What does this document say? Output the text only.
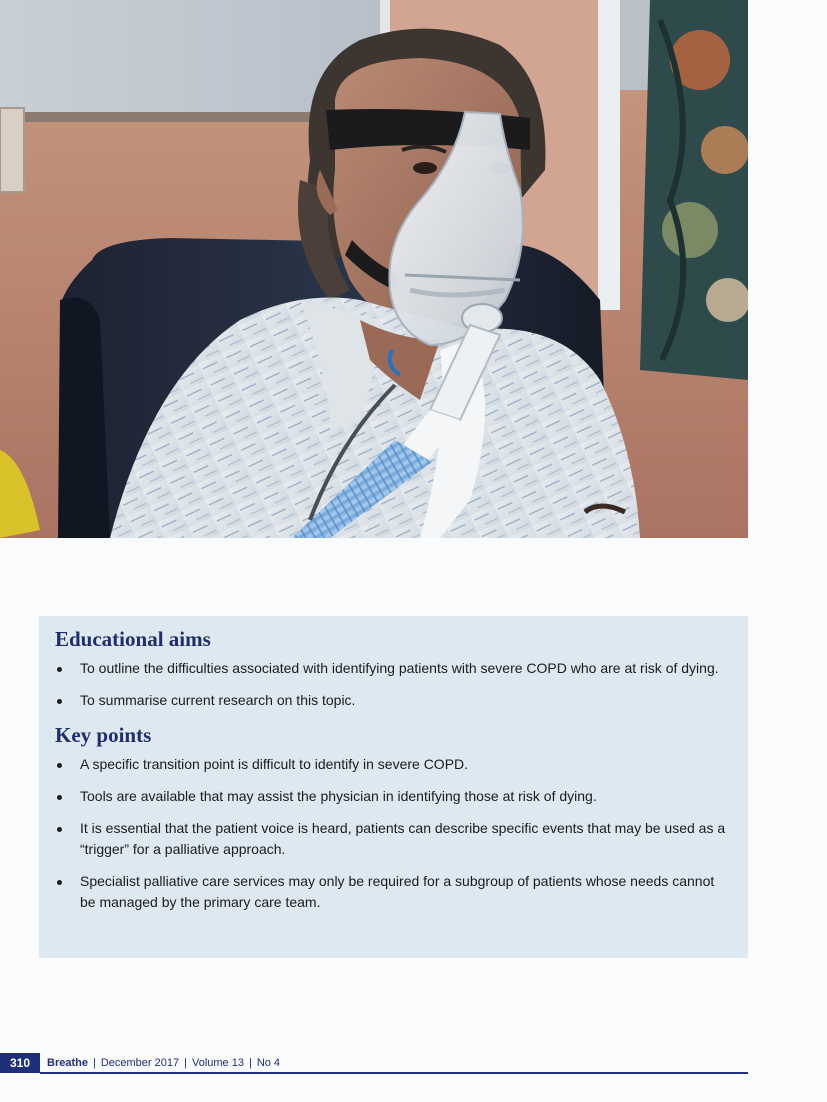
Educational aims
To outline the difficulties associated with identifying patients with severe COPD who are at risk of dying.
To summarise current research on this topic.
Key points
A specific transition point is difficult to identify in severe COPD.
Tools are available that may assist the physician in identifying those at risk of dying.
It is essential that the patient voice is heard, patients can describe specific events that may be used as a “trigger” for a palliative approach.
Specialist palliative care services may only be required for a subgroup of patients whose needs cannot be managed by the primary care team.
310	Breathe | December 2017 | Volume 13 | No 4
